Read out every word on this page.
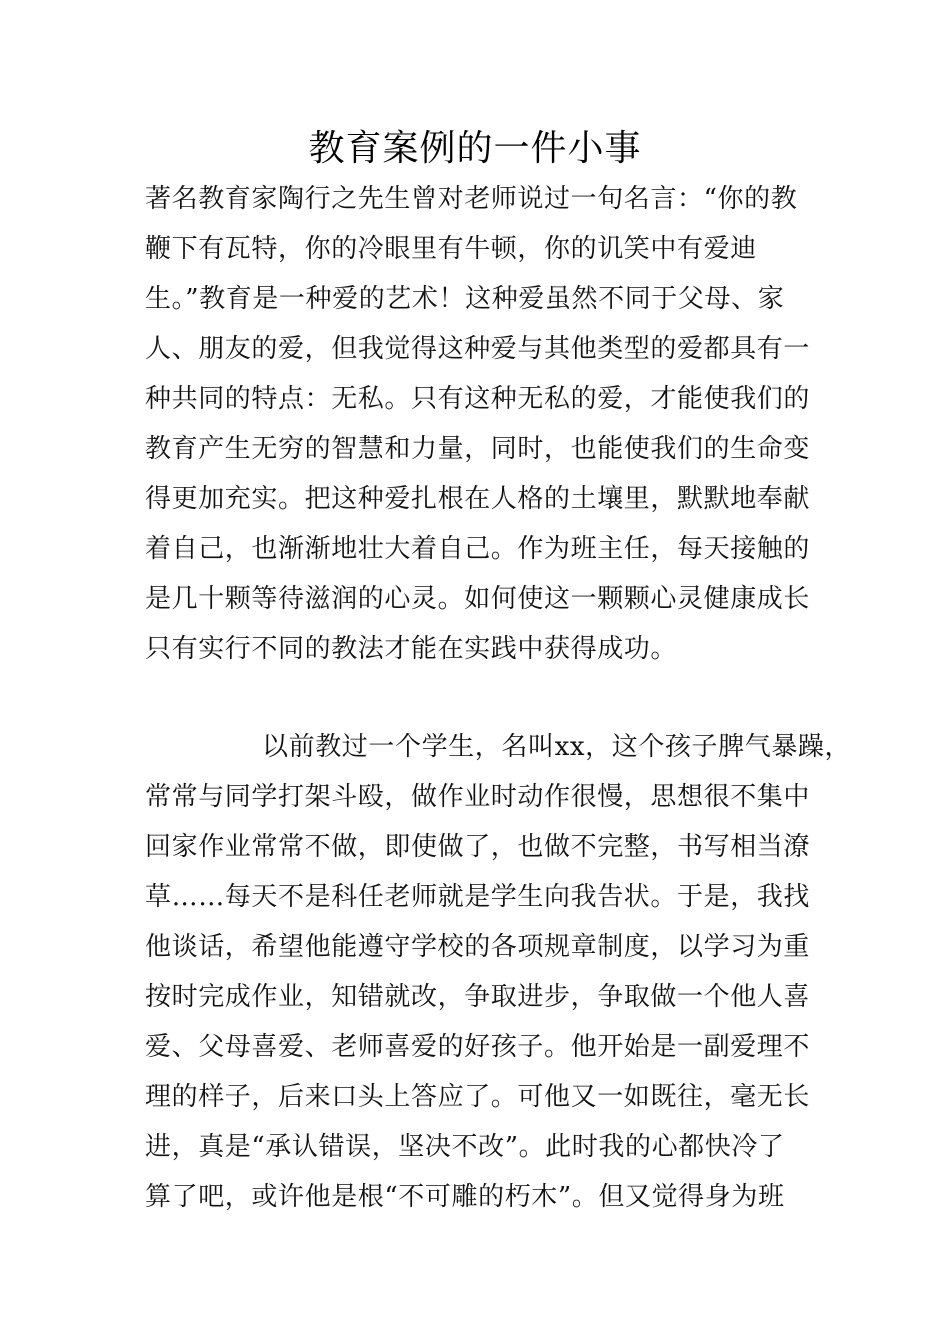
教育案例的一件小事
著名教育家陶行之先生曾对老师说过一句名言：“你的教
鞭下有瓦特，你的冷眼里有牛顿，你的讥笑中有爱迪
生。”教育是一种爱的艺术！这种爱虽然不同于父母、家
人、朋友的爱，但我觉得这种爱与其他类型的爱都具有一
种共同的特点：无私。只有这种无私的爱，才能使我们的
教育产生无穷的智慧和力量，同时，也能使我们的生命变
得更加充实。把这种爱扎根在人格的土壤里，默默地奉献
着自己，也渐渐地壮大着自己。作为班主任，每天接触的
是几十颗等待滋润的心灵。如何使这一颗颗心灵健康成长
只有实行不同的教法才能在实践中获得成功。
以前教过一个学生，名叫xx，这个孩子脾气暴躁，
常常与同学打架斗殴，做作业时动作很慢，思想很不集中
回家作业常常不做，即使做了，也做不完整，书写相当潦
草……每天不是科任老师就是学生向我告状。于是，我找
他谈话，希望他能遵守学校的各项规章制度，以学习为重
按时完成作业，知错就改，争取进步，争取做一个他人喜
爱、父母喜爱、老师喜爱的好孩子。他开始是一副爱理不
理的样子，后来口头上答应了。可他又一如既往，毫无长
进，真是“承认错误，坚决不改”。此时我的心都快冷了
算了吧，或许他是根“不可雕的朽木”。但又觉得身为班
